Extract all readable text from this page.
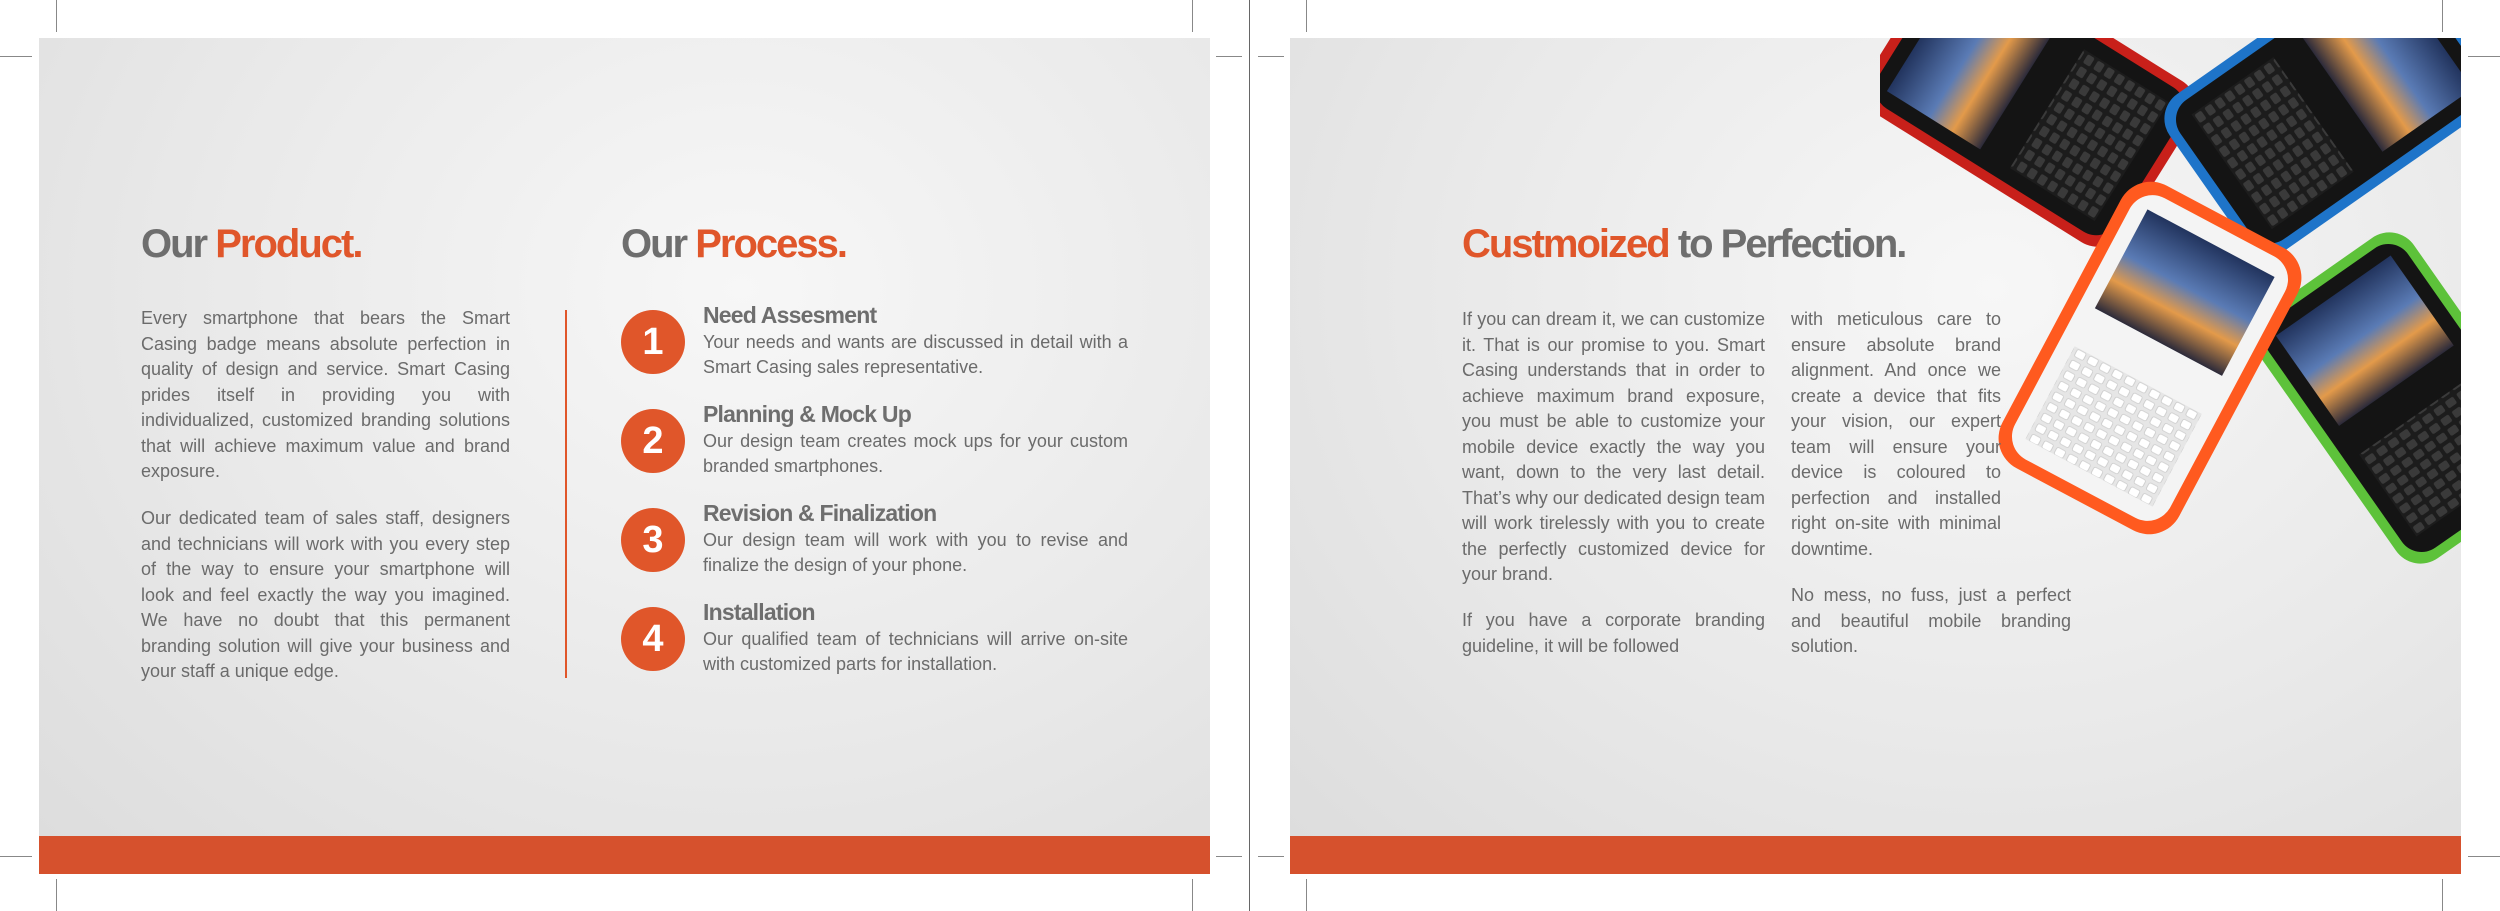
Our Product.

Every smartphone that bears the Smart Casing badge means absolute perfection in quality of design and service. Smart Casing prides itself in providing you with individualized, customized branding solutions that will achieve maximum value and brand exposure.

Our dedicated team of sales staff, designers and technicians will work with you every step of the way to ensure your smartphone will look and feel exactly the way you imagined. We have no doubt that this permanent branding solution will give your business and your staff a unique edge.

Our Process.
1
Need Assesment

Your needs and wants are discussed in detail with a Smart Casing sales representative.

2
Planning & Mock Up

Our design team creates mock ups for your custom branded smartphones.

3
Revision & Finalization

Our design team will work with you to revise and finalize the design of your phone.

4
Installation

Our qualified team of technicians will arrive on-site with customized parts for installation.

Custmoized to Perfection.

If you can dream it, we can customize it. That is our promise to you. Smart Casing understands that in order to achieve maximum brand exposure, you must be able to customize your mobile device exactly the way you want, down to the very last detail. That’s why our dedicated design team will work tirelessly with you to create the perfectly customized device for your brand.

If you have a corporate branding guideline, it will be followed

with meticulous care to ensure absolute brand alignment. And once we create a device that fits your vision, our expert team will ensure your device is coloured to perfection and installed right on-site with minimal downtime.

No mess, no fuss, just a perfect and beautiful mobile branding solution.
